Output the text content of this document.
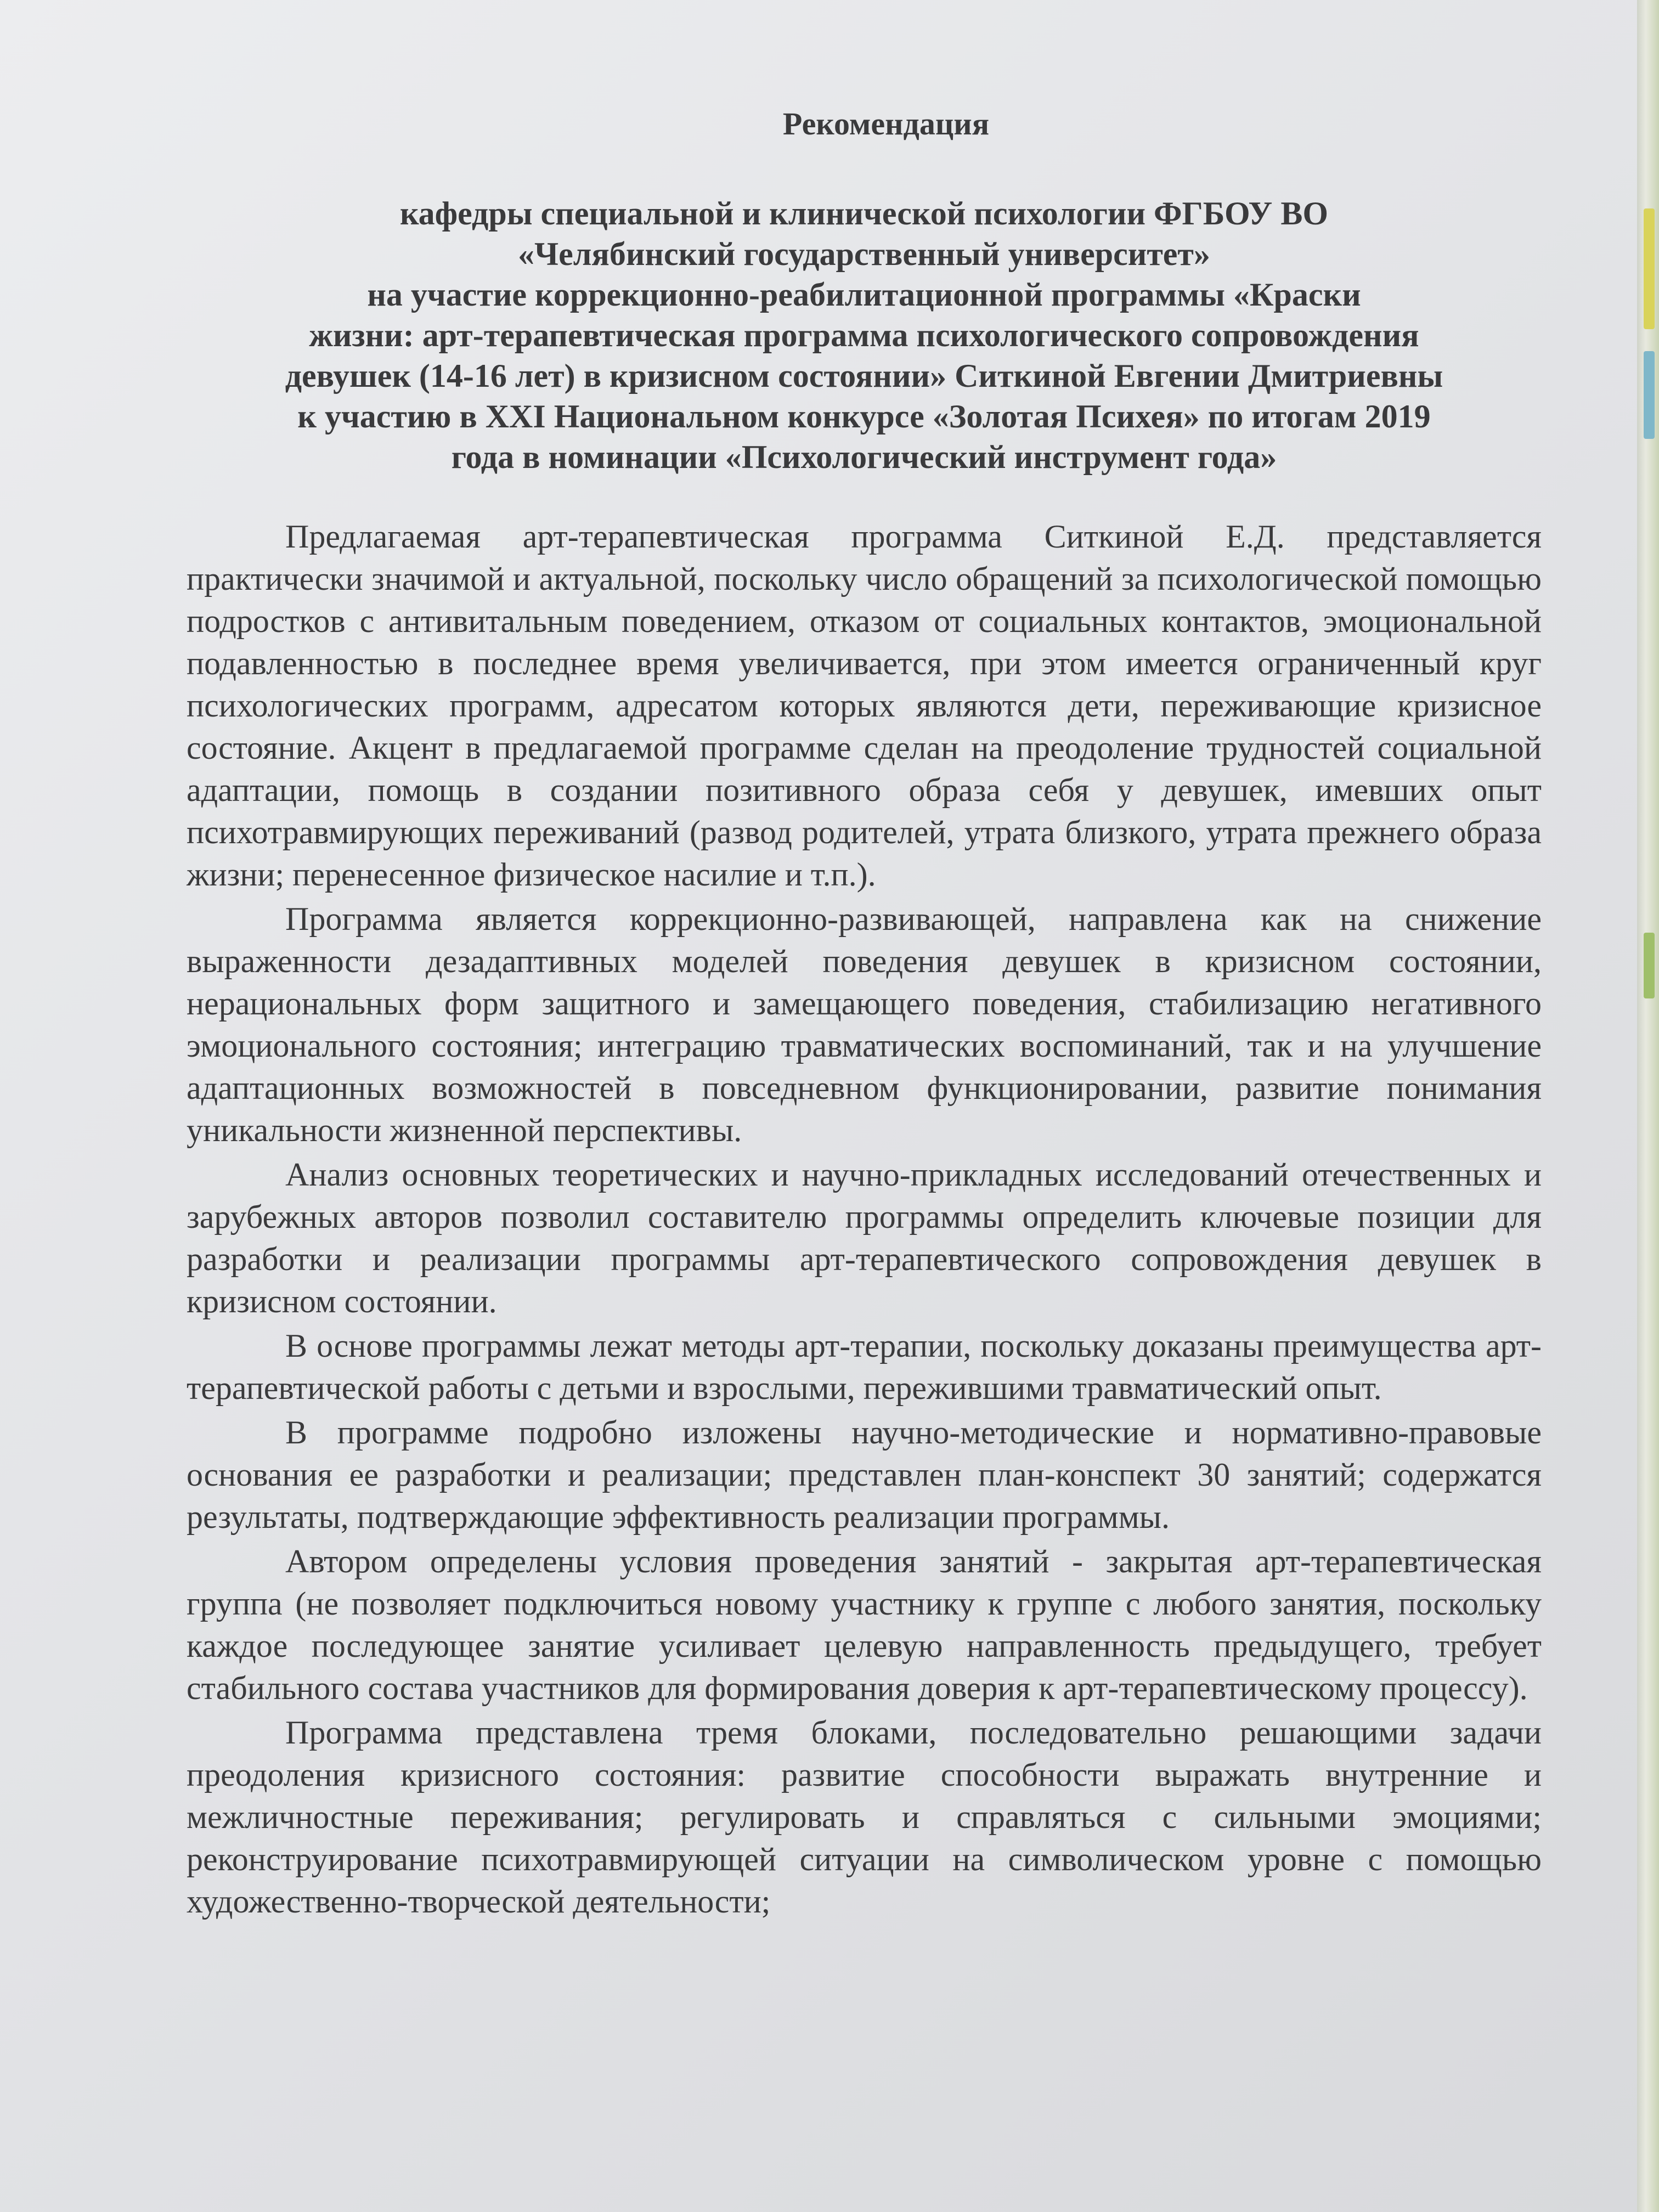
Рекомендация
кафедры специальной и клинической психологии ФГБОУ ВО
«Челябинский государственный университет»
на участие коррекционно-реабилитационной программы «Краски
жизни: арт-терапевтическая программа психологического сопровождения
девушек (14-16 лет) в кризисном состоянии» Ситкиной Евгении Дмитриевны
к участию в XXI Национальном конкурсе «Золотая Психея» по итогам 2019
года в номинации «Психологический инструмент года»

Предлагаемая арт-терапевтическая программа Ситкиной Е.Д. представляется практически значимой и актуальной, поскольку число обращений за психологической помощью подростков с антивитальным поведением, отказом от социальных контактов, эмоциональной подавленностью в последнее время увеличивается, при этом имеется ограниченный круг психологических программ, адресатом которых являются дети, переживающие кризисное состояние. Акцент в предлагаемой программе сделан на преодоление трудностей социальной адаптации, помощь в создании позитивного образа себя у девушек, имевших опыт психотравмирующих переживаний (развод родителей, утрата близкого, утрата прежнего образа жизни; перенесенное физическое насилие и т.п.).

Программа является коррекционно-развивающей, направлена как на снижение выраженности дезадаптивных моделей поведения девушек в кризисном состоянии, нерациональных форм защитного и замещающего поведения, стабилизацию негативного эмоционального состояния; интеграцию травматических воспоминаний, так и на улучшение адаптационных возможностей в повседневном функционировании, развитие понимания уникальности жизненной перспективы.

Анализ основных теоретических и научно-прикладных исследований отечественных и зарубежных авторов позволил составителю программы определить ключевые позиции для разработки и реализации программы арт-терапевтического сопровождения девушек в кризисном состоянии.

В основе программы лежат методы арт-терапии, поскольку доказаны преимущества арт-терапевтической работы с детьми и взрослыми, пережившими травматический опыт.

В программе подробно изложены научно-методические и нормативно-правовые основания ее разработки и реализации; представлен план-конспект 30 занятий; содержатся результаты, подтверждающие эффективность реализации программы.

Автором определены условия проведения занятий - закрытая арт-терапевтическая группа (не позволяет подключиться новому участнику к группе с любого занятия, поскольку каждое последующее занятие усиливает целевую направленность предыдущего, требует стабильного состава участников для формирования доверия к арт-терапевтическому процессу).

Программа представлена тремя блоками, последовательно решающими задачи преодоления кризисного состояния: развитие способности выражать внутренние и межличностные переживания; регулировать и справляться с сильными эмоциями; реконструирование психотравмирующей ситуации на символическом уровне с помощью художественно-творческой деятельности;
